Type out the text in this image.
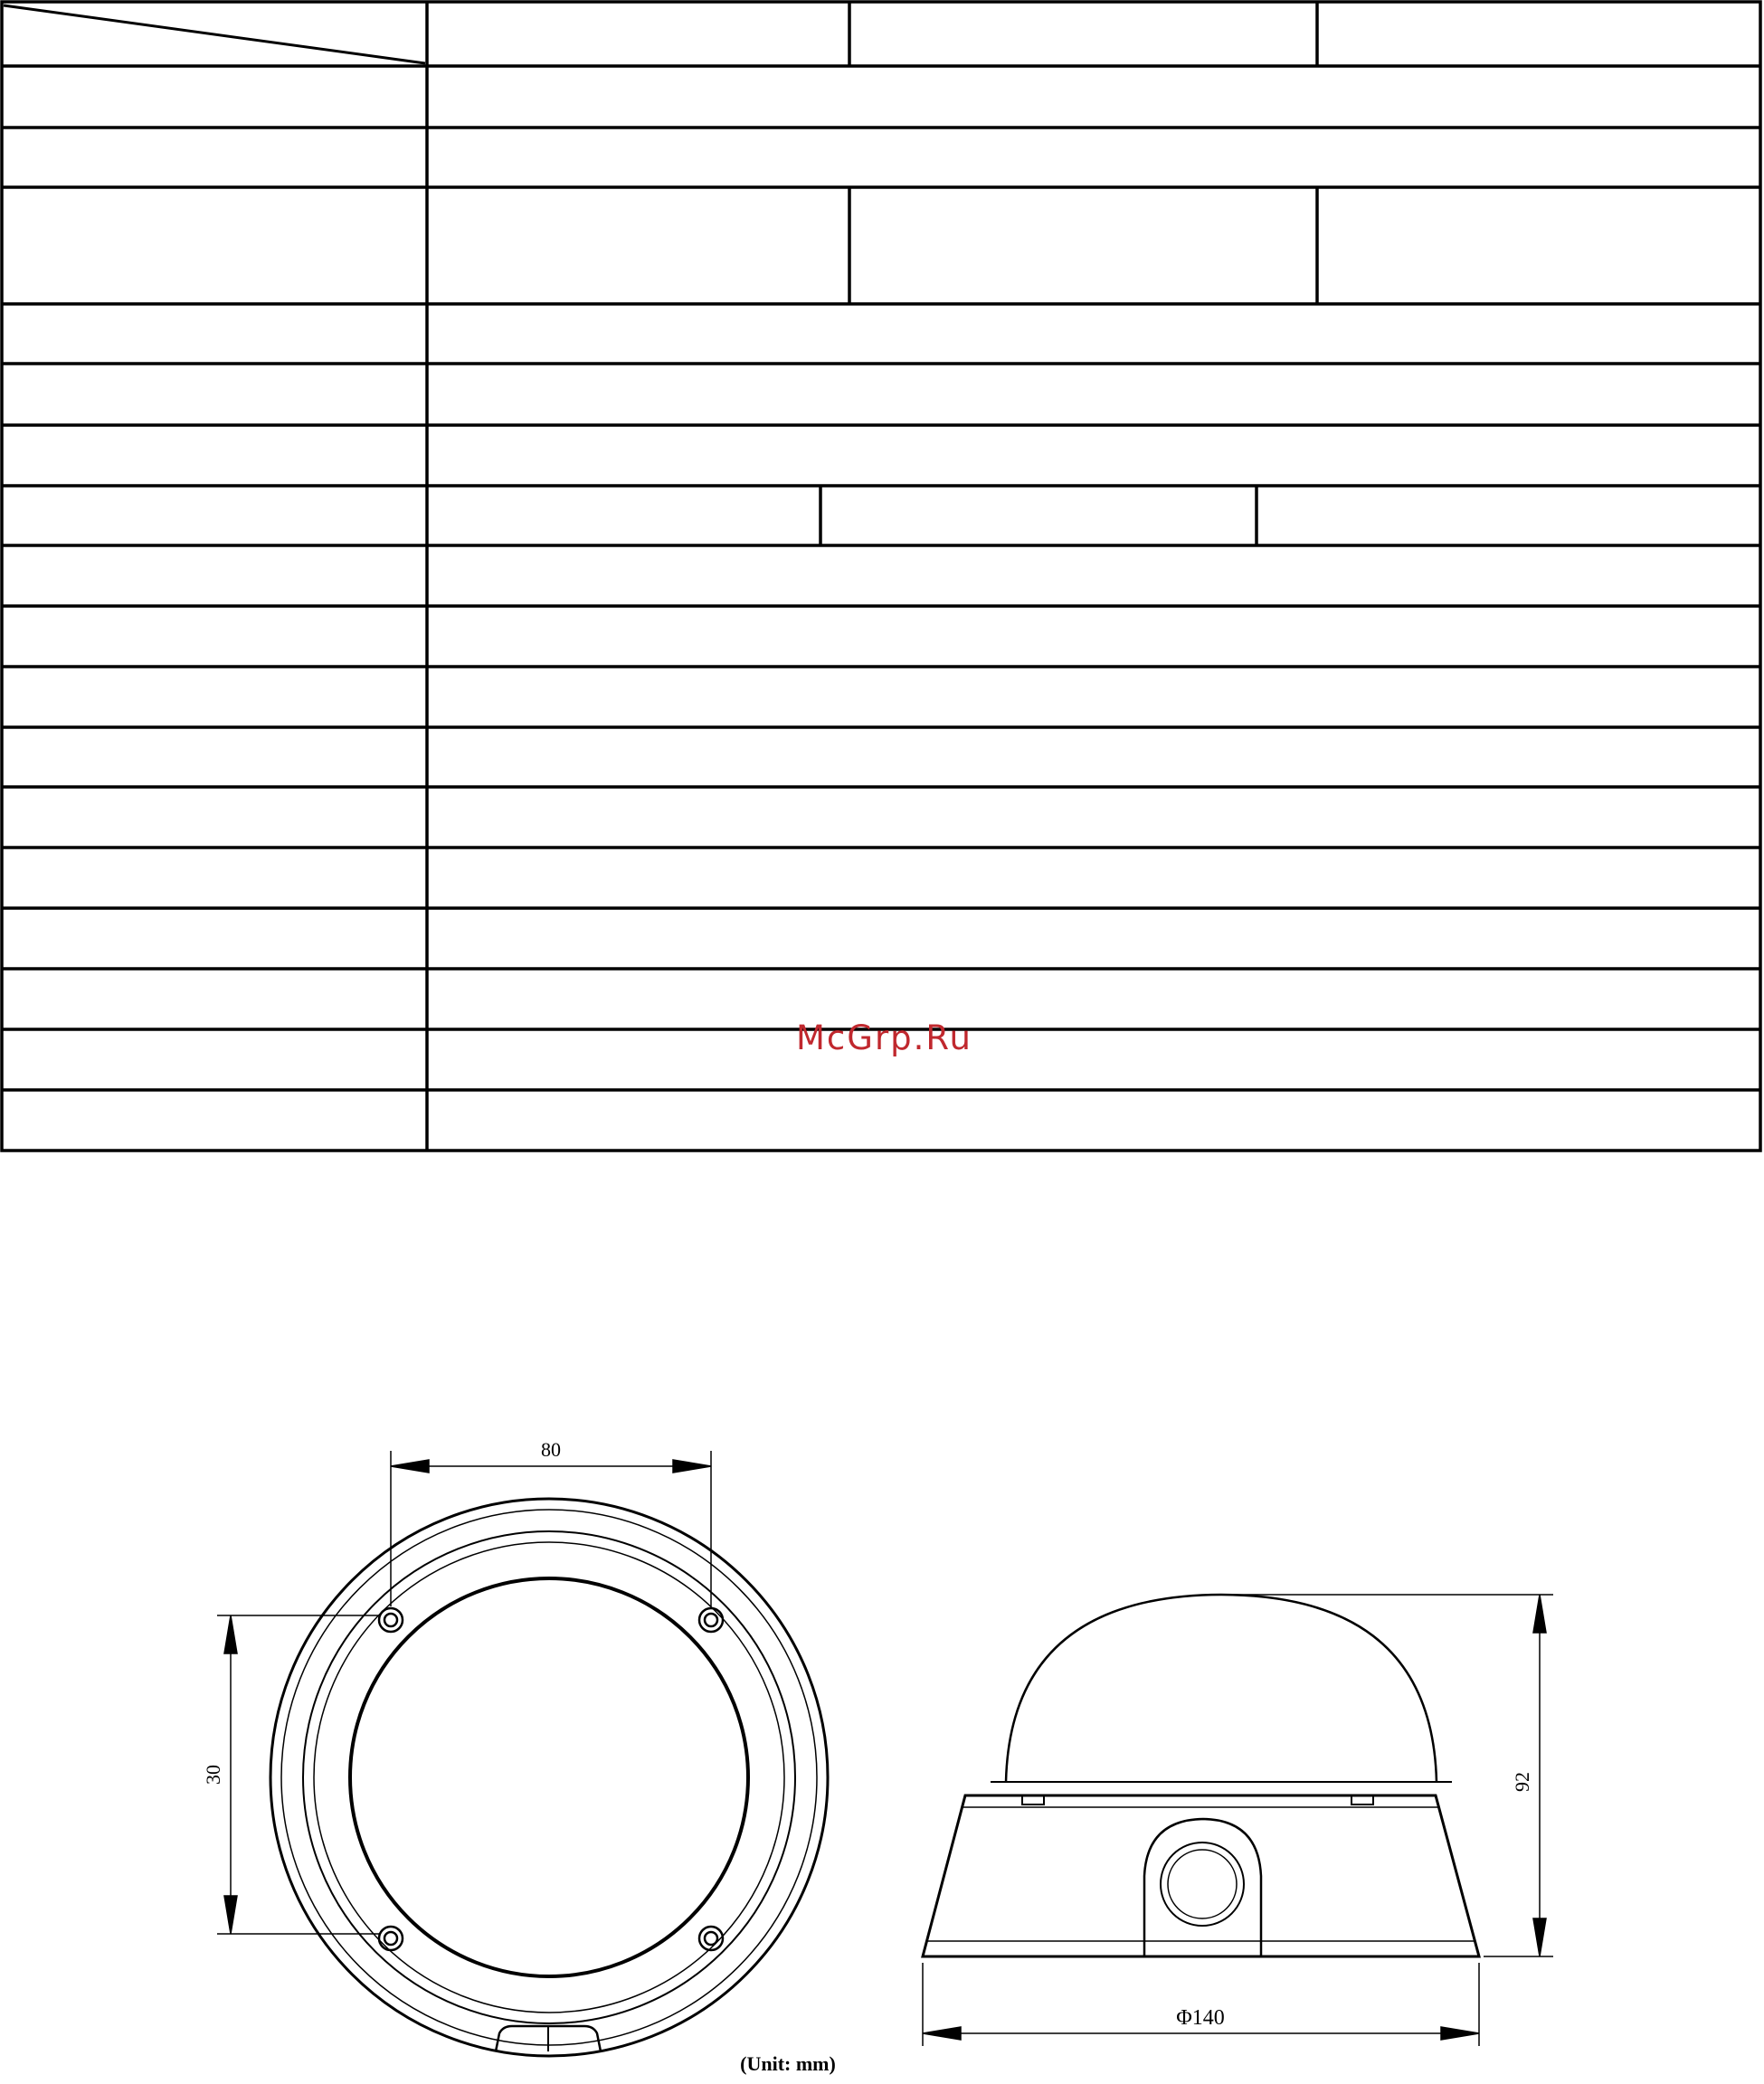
80
30	92
Φ140
(Unit: mm)
McGrp.Ru
